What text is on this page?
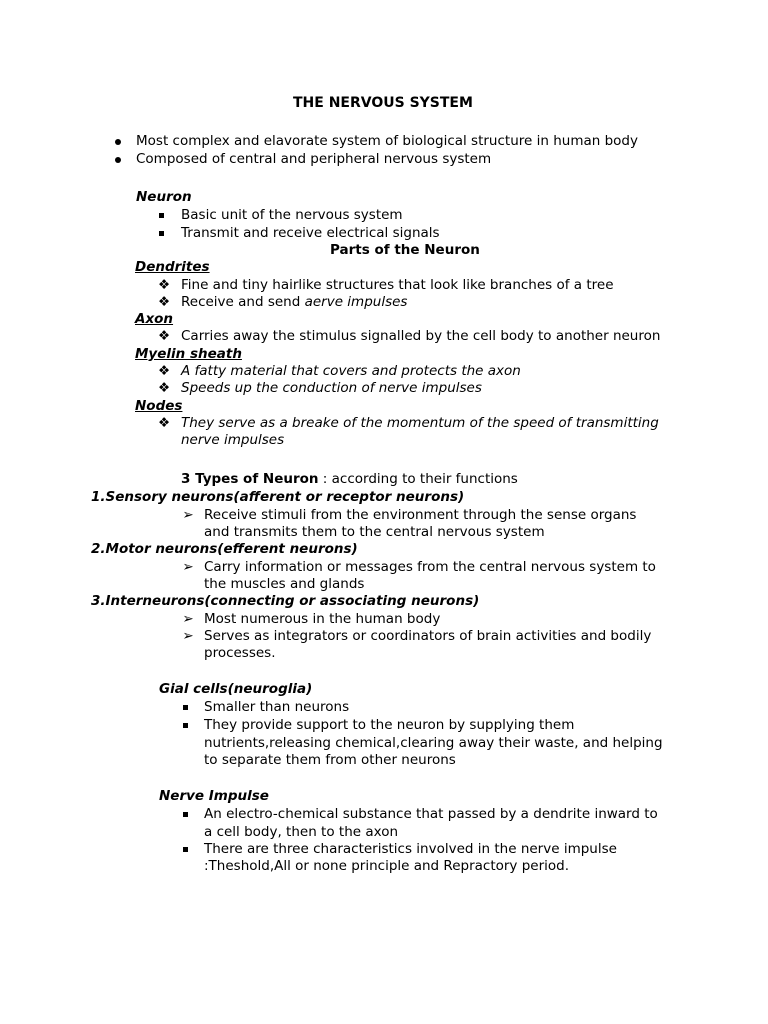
THE NERVOUS SYSTEM
Most complex and elavorate system of biological structure in human body
Composed of central and peripheral nervous system
Neuron
Basic unit of the nervous system
Transmit and receive electrical signals
Parts of the Neuron
Dendrites
❖ Fine and tiny hairlike structures that look like branches of a tree
❖ Receive and send aerve impulses
Axon
❖ Carries away the stimulus signalled by the cell body to another neuron
Myelin sheath
❖ A fatty material that covers and protects the axon
❖ Speeds up the conduction of nerve impulses
Nodes
❖ They serve as a breake of the momentum of the speed of transmitting
nerve impulses
3 Types of Neuron : according to their functions
1.Sensory neurons(afferent or receptor neurons)
➢ Receive stimuli from the environment through the sense organs
and transmits them to the central nervous system
2.Motor neurons(efferent neurons)
➢ Carry information or messages from the central nervous system to
the muscles and glands
3.Interneurons(connecting or associating neurons)
➢ Most numerous in the human body
➢ Serves as integrators or coordinators of brain activities and bodily
processes.
Gial cells(neuroglia)
Smaller than neurons
They provide support to the neuron by supplying them
nutrients,releasing chemical,clearing away their waste, and helping
to separate them from other neurons
Nerve Impulse
An electro-chemical substance that passed by a dendrite inward to
a cell body, then to the axon
There are three characteristics involved in the nerve impulse
:Theshold,All or none principle and Repractory period.
